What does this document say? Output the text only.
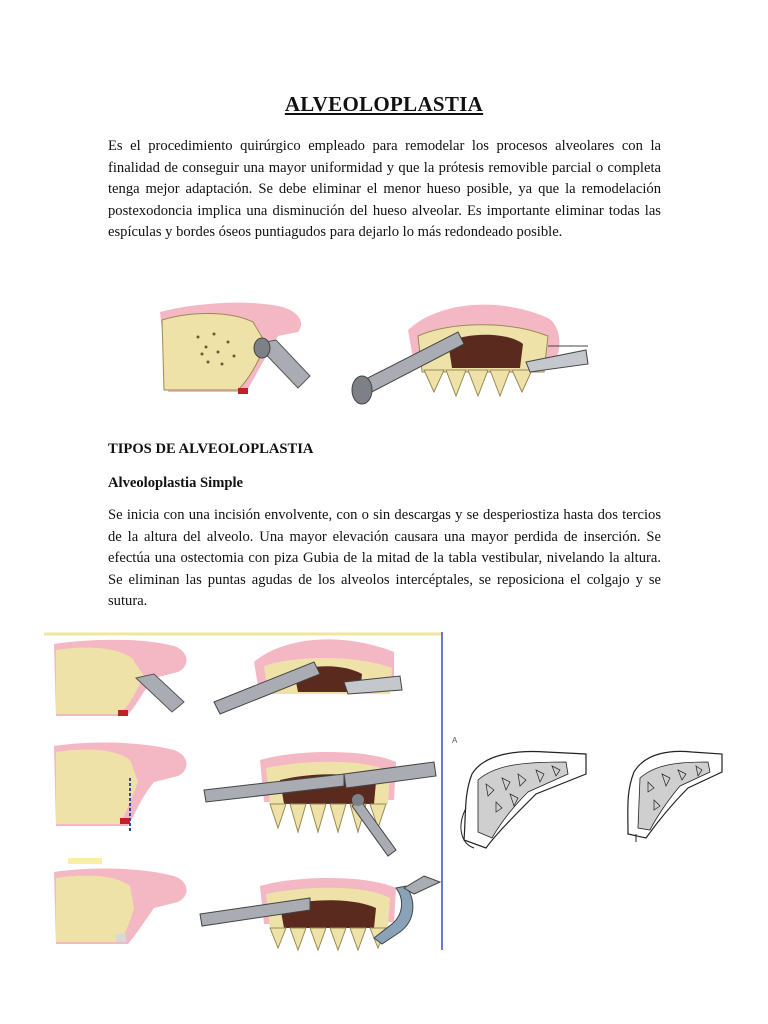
ALVEOLOPLASTIA

Es el procedimiento quirúrgico empleado para remodelar los procesos alveolares con la finalidad de conseguir una mayor uniformidad y que la prótesis removible parcial o completa tenga mejor adaptación. Se debe eliminar el menor hueso posible, ya que la remodelación postexodoncia implica una disminución del hueso alveolar. Es importante eliminar todas las espículas y bordes óseos puntiagudos para dejarlo lo más redondeado posible.

TIPOS DE ALVEOLOPLASTIA
Alveoloplastia Simple

Se inicia con una incisión envolvente, con o sin descargas y se desperiostiza hasta dos tercios de la altura del alveolo. Una mayor elevación causara una mayor perdida de inserción. Se efectúa una ostectomia con piza Gubia de la mitad de la tabla vestibular, nivelando la altura. Se eliminan las puntas agudas de los alveolos intercéptales, se reposiciona el colgajo y se sutura.

A
